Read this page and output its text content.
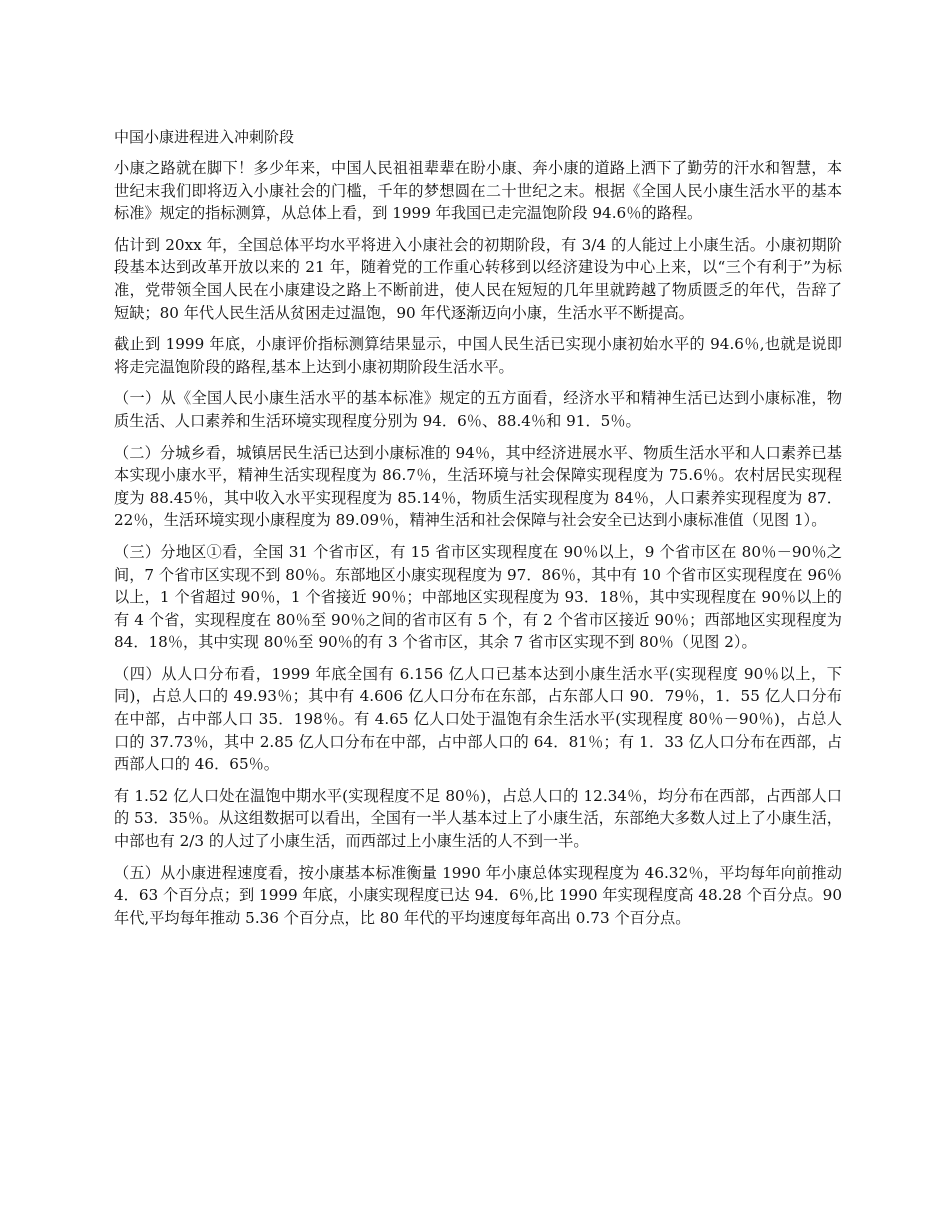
中国小康进程进入冲刺阶段

小康之路就在脚下！多少年来，中国人民祖祖辈辈在盼小康、奔小康的道路上洒下了勤劳的汗水和智慧，本世纪末我们即将迈入小康社会的门槛，千年的梦想圆在二十世纪之末。根据《全国人民小康生活水平的基本标准》规定的指标测算，从总体上看，到 1999 年我国已走完温饱阶段 94.6％的路程。

估计到 20xx 年，全国总体平均水平将进入小康社会的初期阶段，有 3/4 的人能过上小康生活。小康初期阶段基本达到改革开放以来的 21 年，随着党的工作重心转移到以经济建设为中心上来，以“三个有利于”为标准，党带领全国人民在小康建设之路上不断前进，使人民在短短的几年里就跨越了物质匮乏的年代，告辞了短缺；80 年代人民生活从贫困走过温饱，90 年代逐渐迈向小康，生活水平不断提高。

截止到 1999 年底，小康评价指标测算结果显示，中国人民生活已实现小康初始水平的 94.6％,也就是说即将走完温饱阶段的路程,基本上达到小康初期阶段生活水平。

（一）从《全国人民小康生活水平的基本标准》规定的五方面看，经济水平和精神生活已达到小康标准，物质生活、人口素养和生活环境实现程度分别为 94．6％、88.4％和 91．5％。

（二）分城乡看，城镇居民生活已达到小康标准的 94％，其中经济进展水平、物质生活水平和人口素养已基本实现小康水平，精神生活实现程度为 86.7％，生活环境与社会保障实现程度为 75.6％。农村居民实现程度为 88.45％，其中收入水平实现程度为 85.14％，物质生活实现程度为 84％，人口素养实现程度为 87．22％，生活环境实现小康程度为 89.09％，精神生活和社会保障与社会安全已达到小康标准值（见图 1）。

（三）分地区①看，全国 31 个省市区，有 15 省市区实现程度在 90％以上，9 个省市区在 80％－90％之间，7 个省市区实现不到 80％。东部地区小康实现程度为 97．86％，其中有 10 个省市区实现程度在 96％以上，1 个省超过 90％，1 个省接近 90％；中部地区实现程度为 93．18％，其中实现程度在 90％以上的有 4 个省，实现程度在 80％至 90％之间的省市区有 5 个，有 2 个省市区接近 90％；西部地区实现程度为 84．18％，其中实现 80％至 90％的有 3 个省市区，其余 7 省市区实现不到 80％（见图 2）。

（四）从人口分布看，1999 年底全国有 6.156 亿人口已基本达到小康生活水平(实现程度 90％以上，下同)，占总人口的 49.93％；其中有 4.606 亿人口分布在东部，占东部人口 90．79％，1．55 亿人口分布在中部，占中部人口 35．198％。有 4.65 亿人口处于温饱有余生活水平(实现程度 80％－90％)，占总人口的 37.73％，其中 2.85 亿人口分布在中部，占中部人口的 64．81％；有 1．33 亿人口分布在西部，占西部人口的 46．65％。

有 1.52 亿人口处在温饱中期水平(实现程度不足 80％)，占总人口的 12.34％，均分布在西部，占西部人口的 53．35％。从这组数据可以看出，全国有一半人基本过上了小康生活，东部绝大多数人过上了小康生活，中部也有 2/3 的人过了小康生活，而西部过上小康生活的人不到一半。

（五）从小康进程速度看，按小康基本标准衡量 1990 年小康总体实现程度为 46.32％，平均每年向前推动 4．63 个百分点；到 1999 年底，小康实现程度已达 94．6％,比 1990 年实现程度高 48.28 个百分点。90 年代,平均每年推动 5.36 个百分点，比 80 年代的平均速度每年高出 0.73 个百分点。
